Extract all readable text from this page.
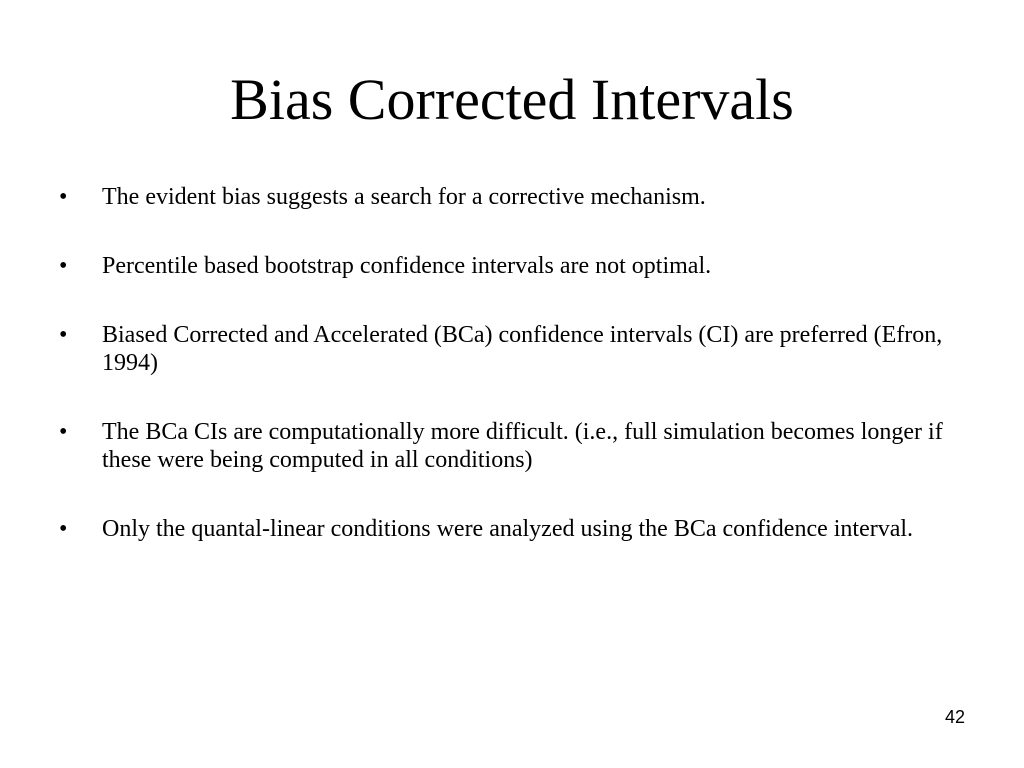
Bias Corrected Intervals
•	The evident bias suggests a search for a corrective mechanism.
•	Percentile based bootstrap confidence intervals are not optimal.
•	Biased Corrected and Accelerated (BCa) confidence intervals (CI) are preferred (Efron, 1994)
•	The BCa CIs are computationally more difficult. (i.e., full simulation becomes longer if these were being computed in all conditions)
•	Only the quantal-linear conditions were analyzed using the BCa confidence interval.
42
